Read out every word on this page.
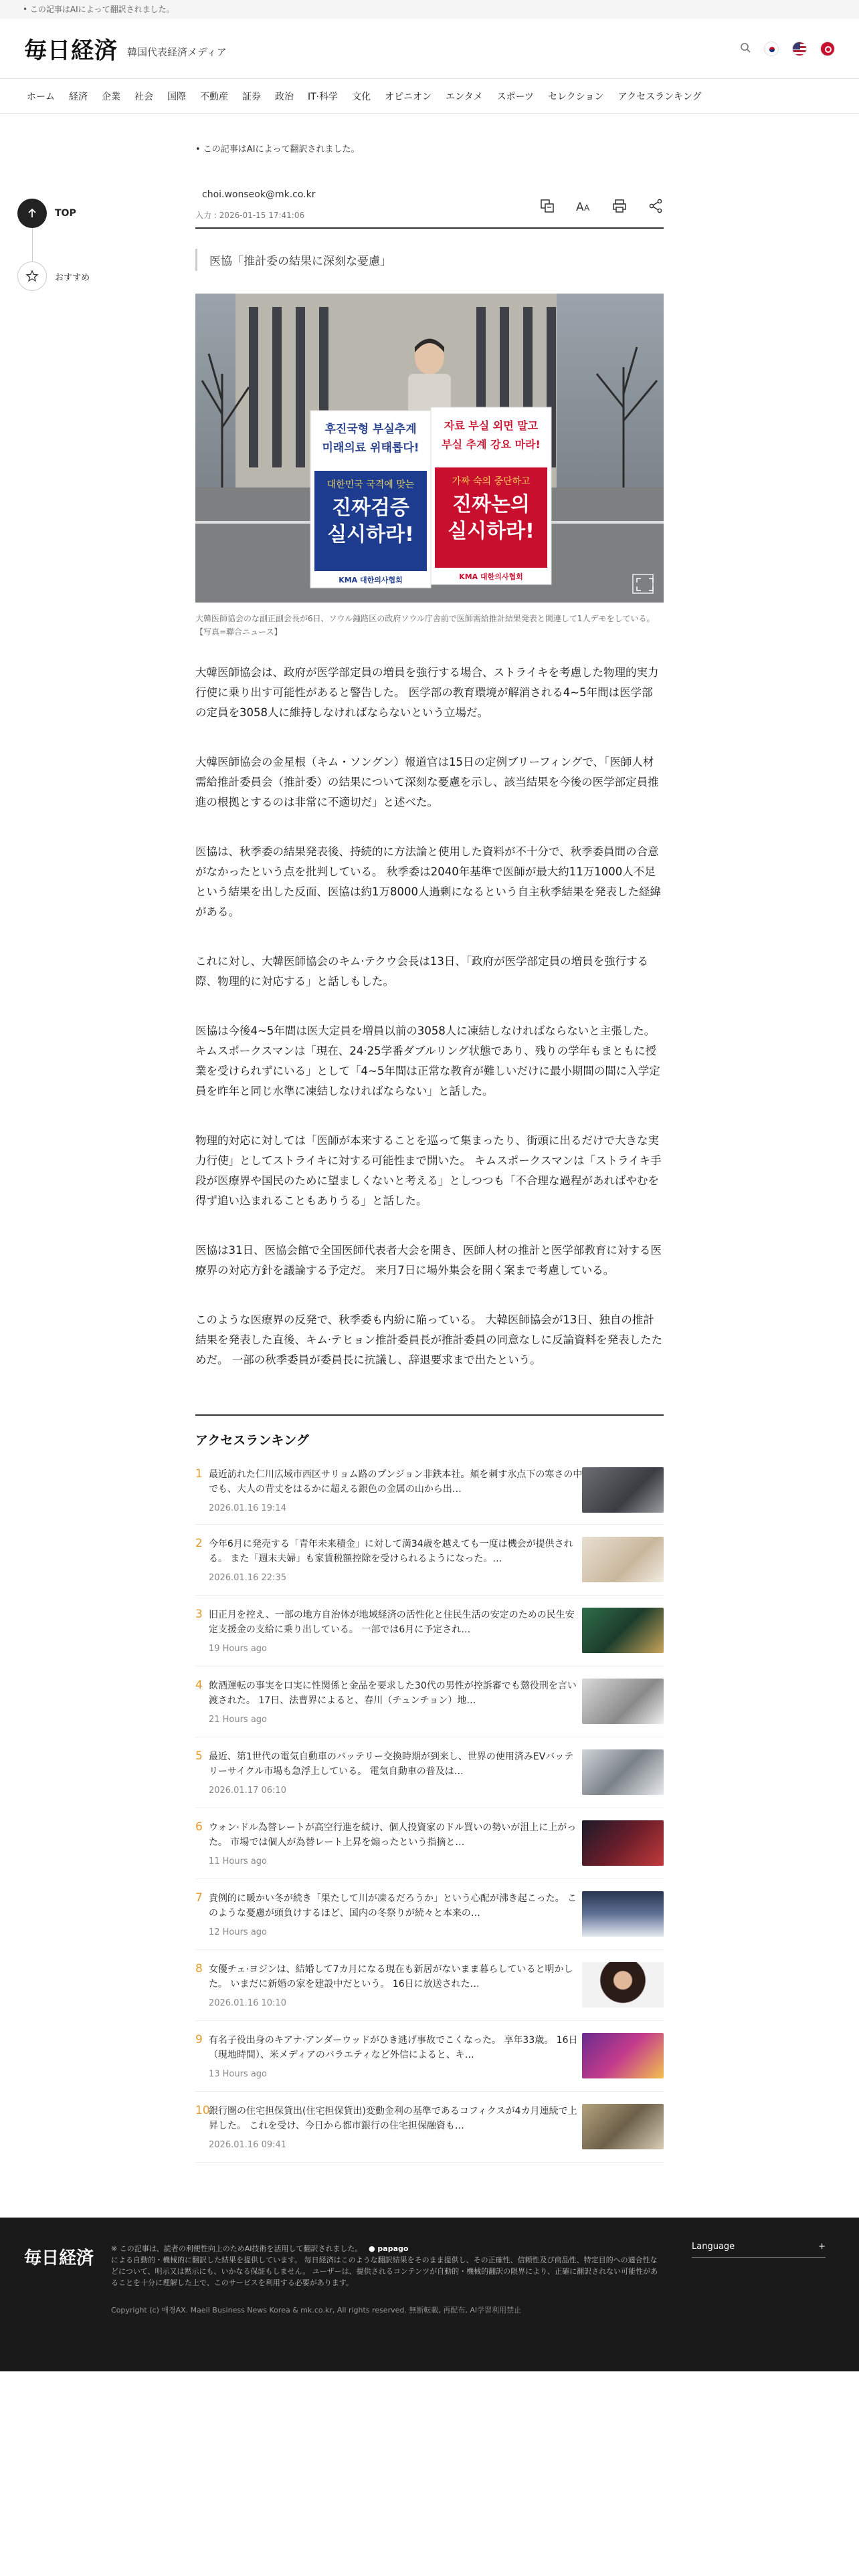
• この記事はAIによって翻訳されました。
毎日経済 韓国代表経済メディア
ホーム 経済 企業 社会 国際 不動産 証券 政治 IT·科学 文化 オピニオン エンタメ スポーツ セレクション アクセスランキング
TOP
おすすめ
• この記事はAIによって翻訳されました。
choi.wonseok@mk.co.kr
入力 : 2026-01-15 17:41:06
A A
医協「推計委の結果に深刻な憂慮」
후진국형 부실추계
미래의료 위태롭다!
대한민국 국격에 맞는
진짜검증
실시하라!
KMA 대한의사협회
자료 부실 외면 말고
부실 추계 강요 마라!
가짜 숙의 중단하고
진짜논의
실시하라!
KMA 대한의사협회
大韓医師協会のな副正副会長が6日、ソウル鍾路区の政府ソウル庁舎前で医師需給推計結果発表と関連して1人デモをしている。【写真=聯合ニュース】

大韓医師協会は、政府が医学部定員の増員を強行する場合、ストライキを考慮した物理的実力行使に乗り出す可能性があると警告した。 医学部の教育環境が解消される4~5年間は医学部の定員を3058人に維持しなければならないという立場だ。

大韓医師協会の金星根（キム・ソングン）報道官は15日の定例ブリーフィングで、「医師人材需給推計委員会（推計委）の結果について深刻な憂慮を示し、該当結果を今後の医学部定員推進の根拠とするのは非常に不適切だ」と述べた。

医協は、秋季委の結果発表後、持続的に方法論と使用した資料が不十分で、秋季委員間の合意がなかったという点を批判している。 秋季委は2040年基準で医師が最大約11万1000人不足という結果を出した反面、医協は約1万8000人過剰になるという自主秋季結果を発表した経緯がある。

これに対し、大韓医師協会のキム·テクウ会長は13日、「政府が医学部定員の増員を強行する際、物理的に対応する」と話しもした。

医協は今後4~5年間は医大定員を増員以前の3058人に凍結しなければならないと主張した。 キムスポークスマンは「現在、24·25学番ダブルリング状態であり、残りの学年もまともに授業を受けられずにいる」として「4~5年間は正常な教育が難しいだけに最小期間の間に入学定員を昨年と同じ水準に凍結しなければならない」と話した。

物理的対応に対しては「医師が本来することを巡って集まったり、街頭に出るだけで大きな実力行使」としてストライキに対する可能性まで開いた。 キムスポークスマンは「ストライキ手段が医療界や国民のために望ましくないと考える」としつつも「不合理な過程があればやむを得ず追い込まれることもありうる」と話した。

医協は31日、医協会館で全国医師代表者大会を開き、医師人材の推計と医学部教育に対する医療界の対応方針を議論する予定だ。 来月7日に場外集会を開く案まで考慮している。

このような医療界の反発で、秋季委も内紛に陥っている。 大韓医師協会が13日、独自の推計結果を発表した直後、キム·テヒョン推計委員長が推計委員の同意なしに反論資料を発表したためだ。 一部の秋季委員が委員長に抗議し、辞退要求まで出たという。

アクセスランキング
1 最近訪れた仁川広域市西区サリョム路のプンジョン非鉄本社。頬を刺す氷点下の寒さの中でも、大人の背丈をはるかに超える銀色の金属の山から出…
2026.01.16 19:14
2 今年6月に発売する「青年未来積金」に対して満34歳を越えても一度は機会が提供される。 また「週末夫婦」も家賃税額控除を受けられるようになった。…
2026.01.16 22:35
3 旧正月を控え、一部の地方自治体が地域経済の活性化と住民生活の安定のための民生安定支援金の支給に乗り出している。 一部では6月に予定され…
19 Hours ago
4 飲酒運転の事実を口実に性関係と金品を要求した30代の男性が控訴審でも懲役刑を言い渡された。 17日、法曹界によると、春川（チュンチョン）地…
21 Hours ago
5 最近、第1世代の電気自動車のバッテリー交換時期が到来し、世界の使用済みEVバッテリーサイクル市場も急浮上している。 電気自動車の普及は…
2026.01.17 06:10
6 ウォン·ドル為替レートが高空行進を続け、個人投資家のドル買いの勢いが沮上に上がった。 市場では個人が為替レート上昇を煽ったという指摘と…
11 Hours ago
7 貴例的に暖かい冬が続き「果たして川が凍るだろうか」という心配が沸き起こった。 このような憂慮が頭負けするほど、国内の冬祭りが続々と本来の…
12 Hours ago
8 女優チェ·ヨジンは、結婚して7カ月になる現在も新居がないまま暮らしていると明かした。 いまだに新婚の家を建設中だという。 16日に放送された…
2026.01.16 10:10
9 有名子役出身のキアナ·アンダーウッドがひき逃げ事故でこくなった。 享年33歳。 16日（現地時間）、米メディアのバラエティなど外信によると、キ…
13 Hours ago
10
銀行圏の住宅担保貸出(住宅担保貸出)変動金利の基準であるコフィクスが4カ月連続で上昇した。 これを受け、今日から都市銀行の住宅担保融資も…
2026.01.16 09:41
毎日経済 ※ この記事は、読者の利便性向上のためAI技術を活用して翻訳されました。 ● papago
による自動的・機械的に翻訳した結果を提供しています。 毎日経済はこのような翻訳結果をそのまま提供し、その正確性、信頼性及び商品性、特定目的への適合性などについて、明示又は黙示にも、いかなる保証もしません。 ユーザーは、提供されるコンテンツが自動的・機械的翻訳の限界により、正確に翻訳されない可能性があることを十分に理解した上で、このサービスを利用する必要があります。
Copyright (c) 매경AX. Maeil Business News Korea & mk.co.kr, All rights reserved. 無断転載, 再配布, AI学習利用禁止
Language	+
